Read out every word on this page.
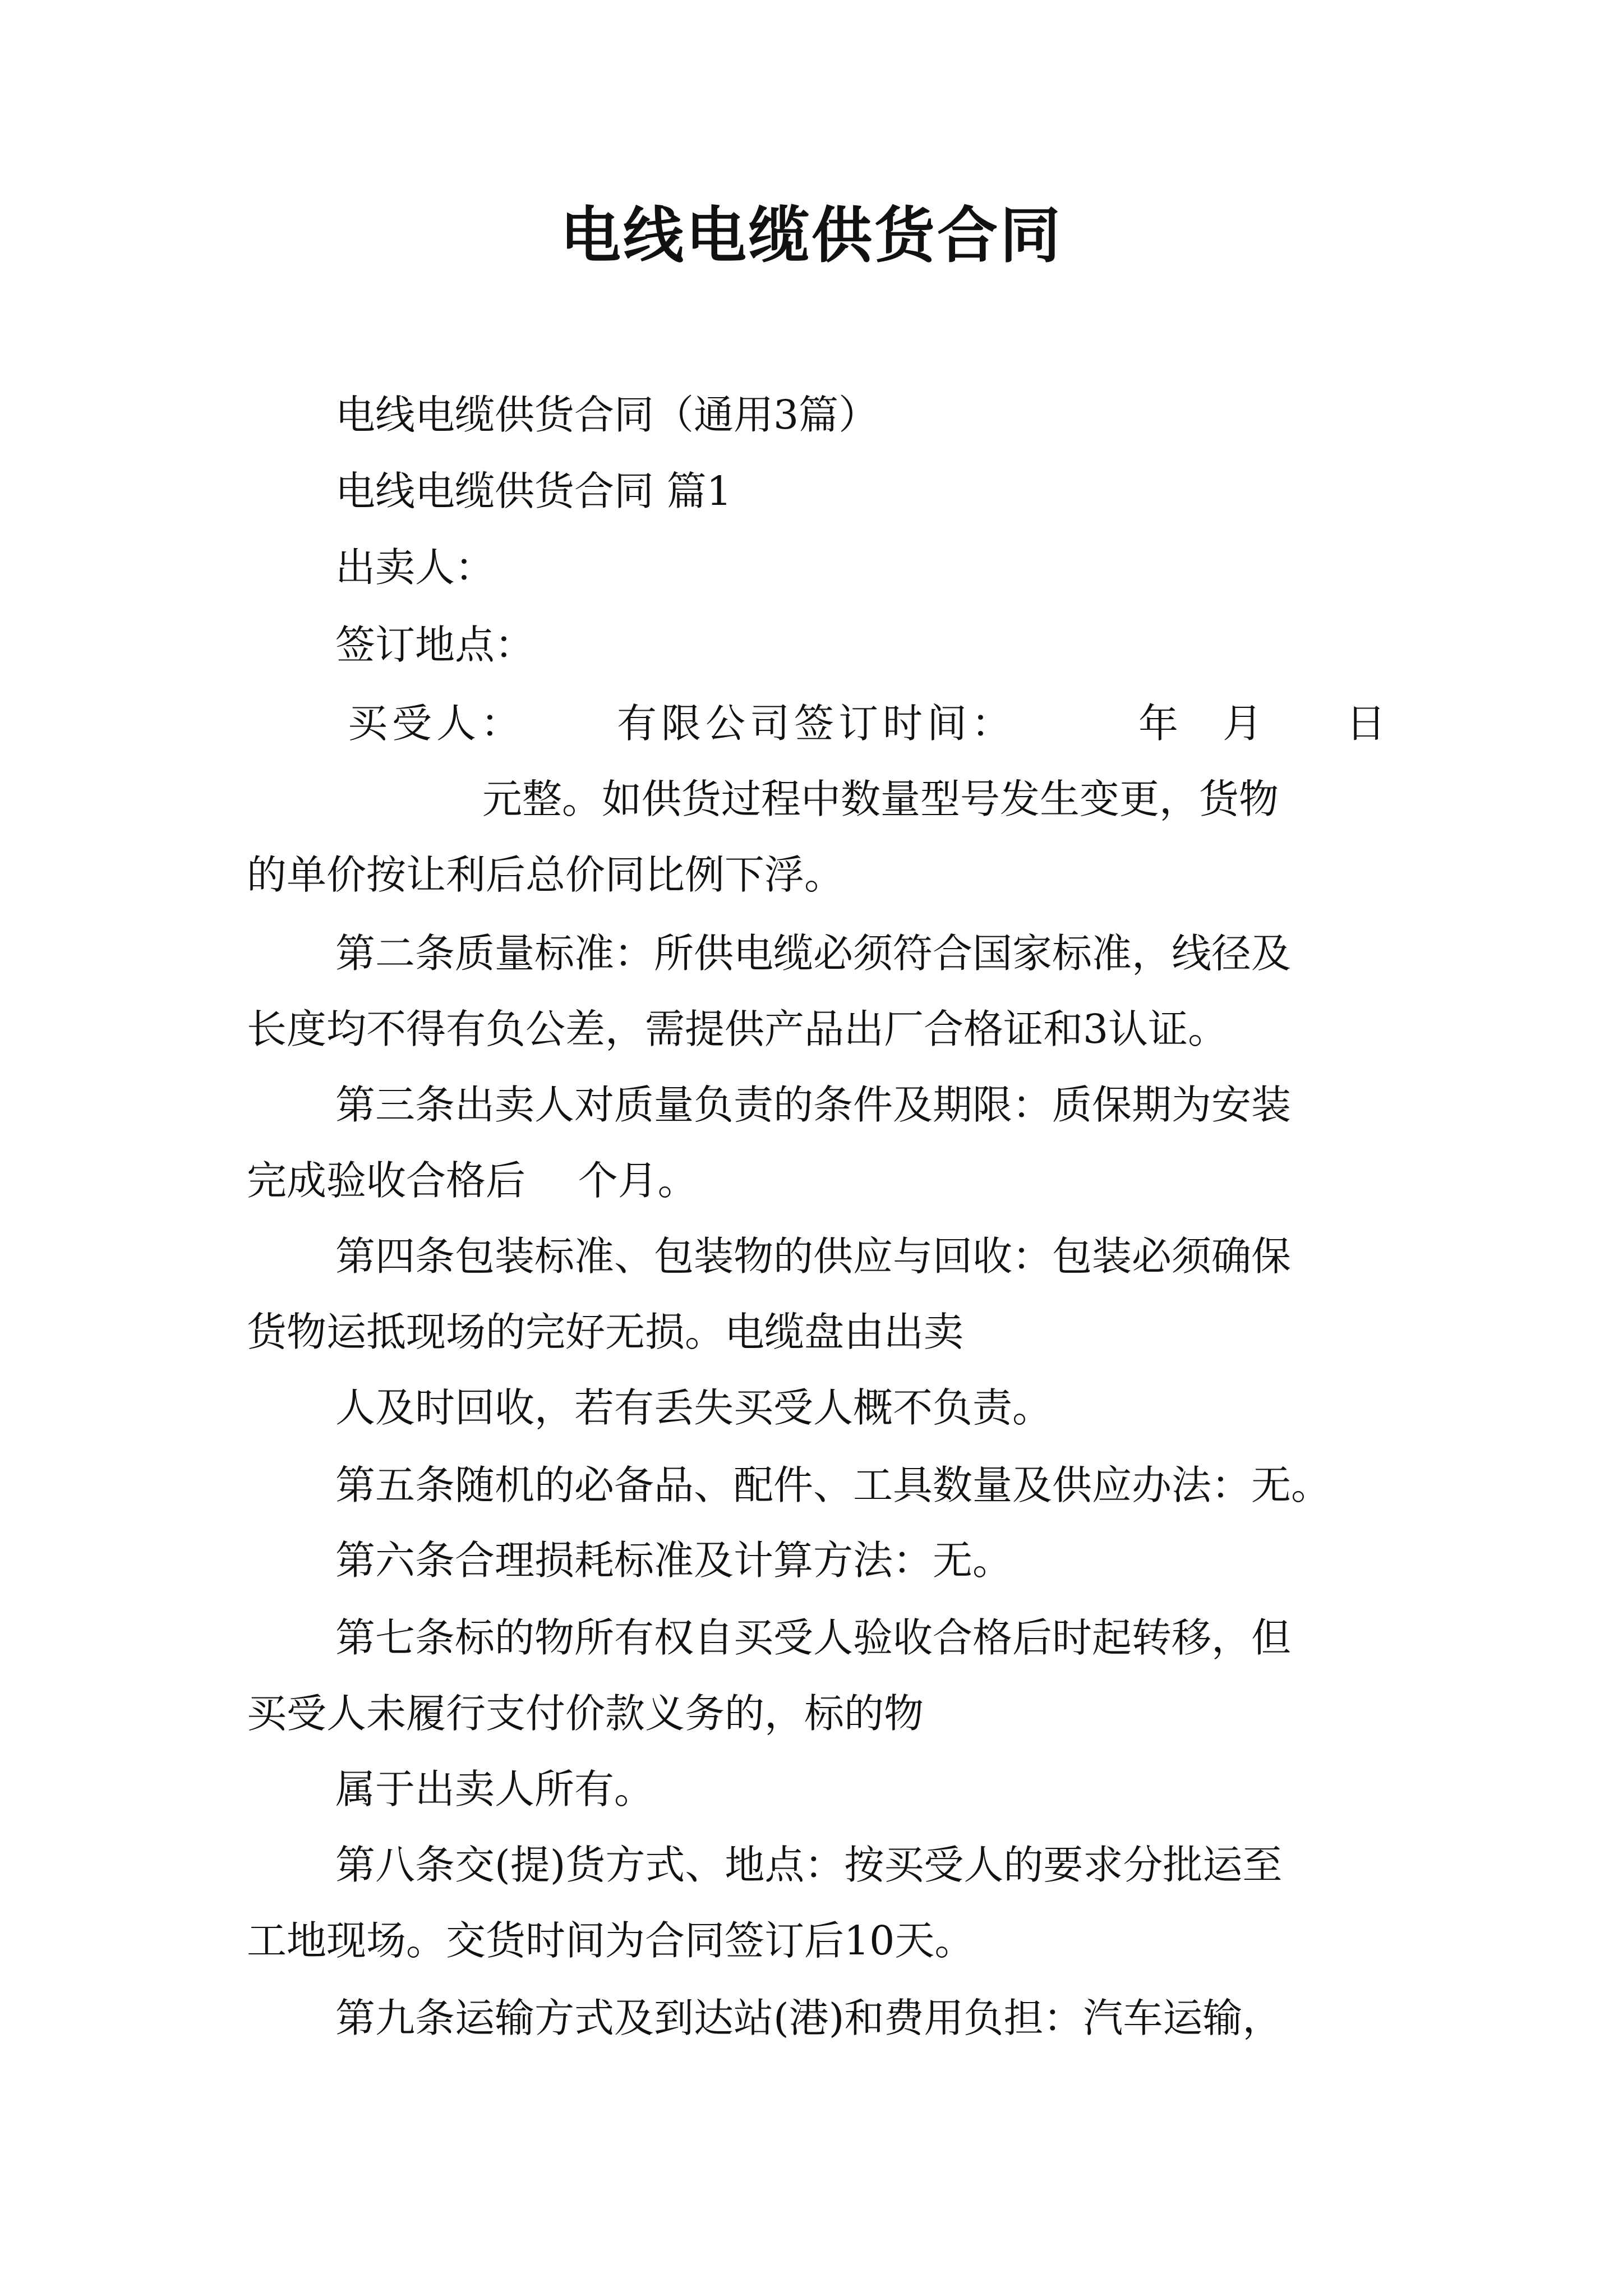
电线电缆供货合同
电线电缆供货合同（通用3篇）
电线电缆供货合同 篇1
出卖人：
签订地点：
买受人： 有限公司签订时间：	年 月 日
元整。如供货过程中数量型号发生变更，货物
的单价按让利后总价同比例下浮。
第二条质量标准：所供电缆必须符合国家标准，线径及
长度均不得有负公差，需提供产品出厂合格证和3认证。
第三条出卖人对质量负责的条件及期限：质保期为安装
完成验收合格后　 个月。
第四条包装标准、包装物的供应与回收：包装必须确保
货物运抵现场的完好无损。电缆盘由出卖
人及时回收，若有丢失买受人概不负责。
第五条随机的必备品、配件、工具数量及供应办法：无。
第六条合理损耗标准及计算方法：无。
第七条标的物所有权自买受人验收合格后时起转移，但
买受人未履行支付价款义务的，标的物
属于出卖人所有。
第八条交(提)货方式、地点：按买受人的要求分批运至
工地现场。交货时间为合同签订后10天。
第九条运输方式及到达站(港)和费用负担：汽车运输，
